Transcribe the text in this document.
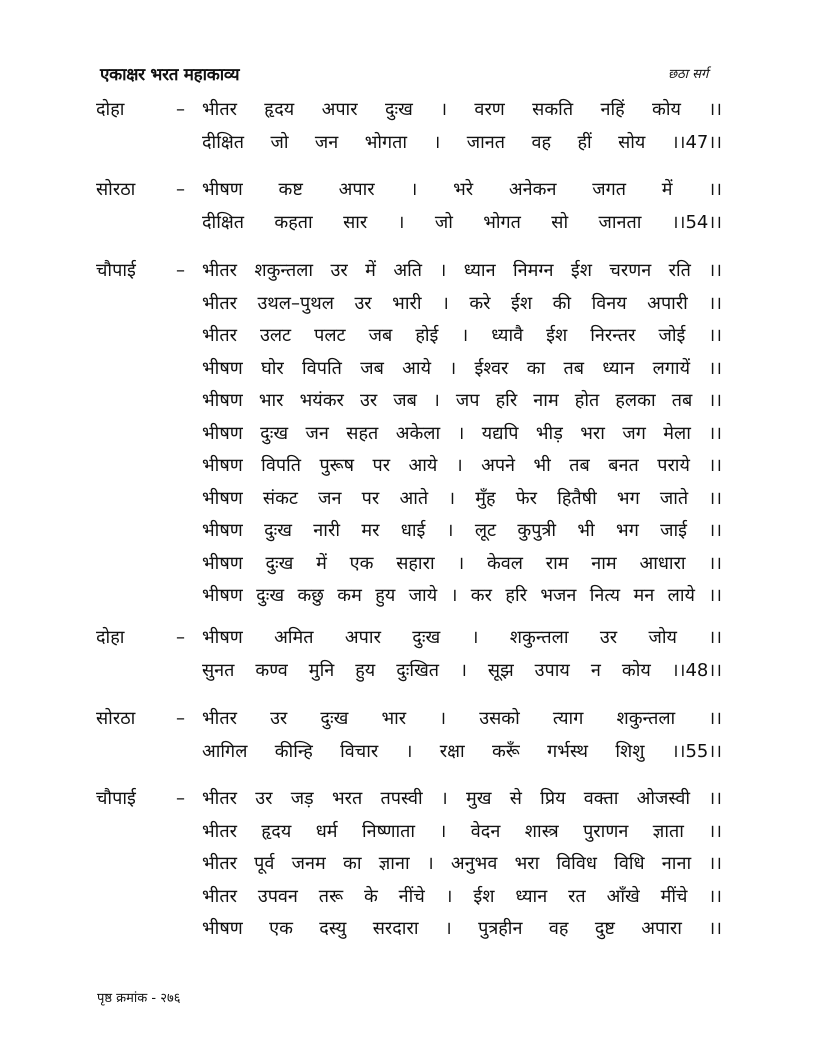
एकाक्षर भरत महाकाव्य	छठा सर्ग
दोहा	– भीतर हृदय अपार दुःख । वरण सकति नहिं कोय ।।
दीक्षित जो जन भोगता । जानत वह हीं सोय ।।47।।
सोरठा – भीषण कष्ट अपार । भरे अनेकन जगत में ।।
दीक्षित कहता सार । जो भोगत सो जानता ।।54।।
चौपाई – भीतर शकुन्तला उर में अति । ध्यान निमग्न ईश चरणन रति ।।
भीतर उथल–पुथल उर भारी । करे ईश की विनय अपारी ।।
भीतर उलट पलट जब होई । ध्यावै ईश निरन्तर जोई ।।
भीषण घोर विपति जब आये । ईश्वर का तब ध्यान लगायें ।।
भीषण भार भयंकर उर जब । जप हरि नाम होत हलका तब ।।
भीषण दुःख जन सहत अकेला । यद्यपि भीड़ भरा जग मेला ।।
भीषण विपति पुरूष पर आये । अपने भी तब बनत पराये ।।
भीषण संकट जन पर आते । मुँह फेर हितैषी भग जाते ।।
भीषण दुःख नारी मर धाई । लूट कुपुत्री भी भग जाई ।।
भीषण दुःख में एक सहारा । केवल राम नाम आधारा ।।
भीषण दुःख कछु कम हुय जाये । कर हरि भजन नित्य मन लाये ।।
दोहा	– भीषण अमित अपार दुःख । शकुन्तला उर जोय ।।
सुनत कण्व मुनि हुय दुःखित । सूझ उपाय न कोय ।।48।।
सोरठा – भीतर उर दुःख भार । उसको त्याग शकुन्तला ।।
आगिल कीन्हि विचार । रक्षा करूँ गर्भस्थ शिशु ।।55।।
चौपाई – भीतर उर जड़ भरत तपस्वी । मुख से प्रिय वक्ता ओजस्वी ।।
भीतर हृदय धर्म निष्णाता । वेदन शास्त्र पुराणन ज्ञाता ।।
भीतर पूर्व जनम का ज्ञाना । अनुभव भरा विविध विधि नाना ।।
भीतर उपवन तरू के नींचे । ईश ध्यान रत आँखे मींचे ।।
भीषण एक दस्यु सरदारा । पुत्रहीन वह दुष्ट अपारा ।।
पृष्ठ क्रमांक - २७६
